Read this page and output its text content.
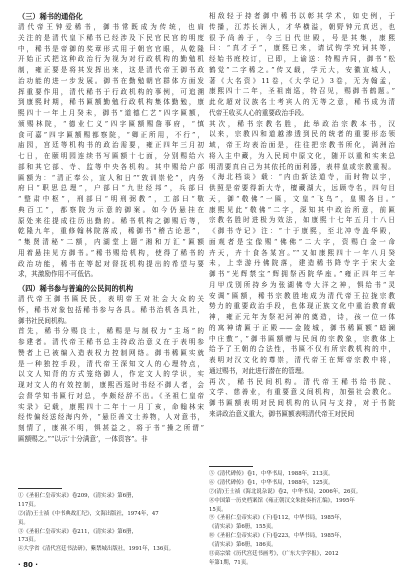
（三）稀书的通俗化

清代帝王钟爱稀书，御书常既成为传统，也肩

关注的是清代皇下稀书已经涉及下民官民宫的明度

中，稀书是帝御的奖章形式用于朝官官眼，从乾隆

开始正式把这种政治行为视为对行政机构的勤勉机

制，雍正要是将其发挥出来，这是清代帝王御书政

治功能的进一步发展。御书在勤勉朝官群体方面发

挥重要作用，清代稀书于行政机构的事例，可追溯

到康熙时期，稀书匾额勤勉行政机构集体勤勉，康

熙四十一年上月癸未，御书“道德仁艺”四字匾额，

颁赐林院，“德业仁义”四字匾额赐詹事府，“慎

食可嘉”四字匾额赐都察院，“卿正所用，不行”，

庙园，宫廷等机构书的政治需要，雍正四年三月初

七日，在颐明园连续书写匾额十七面，分别赐给六

部和其它部、寺、监等中央各机构。其中赐给户部

匾额为：“清正奉公，宣人和日”“敦训崇伦”，内务

府曰“职思总理”，户部曰“九世经邦”，兵部曰

“整肃中枢”，刑部曰“明刑弼教”，工部曰“敬

典百工”，都察院为示意的御案。如今仍悬挂在

原处来往提成往历出勤的。稀书机构之御赐后等，

乾隆九年，重修翰林院落成，稀御书“稽古论思”，

“集贤清秘”二额，内湖堂上题“湘和万汇”匾额

用着悬挂见方御书。”稀书赐给机构，使得了稀书的

政治功能，稀书在等起对督抚机构提出的希望与要

求，其激励作用不可低估。

（四）稀书参与普遍的公民间的机构

清代帝王御书匾民民，表明帝王对社会大众的关

怀，稀书对象包括稀书参与各具。稀书治机各具社，

御书社民间机构。

首先，稀书分赐良士，稀赐是与制权力“主场”的

参建者。清代帝王稀书总主持政治意义在于表明参

赞者上已被编入造表权力控制网络。御书稀匾实就

是一种独控手段，清代帝王深知文人的心理特点，

以文人知背的方式笼络御人，作定文人的学识，实

现对文人的有效控制，康熙西巡时书经不御人者，会

会督学知书匾行对总，李颇经辞不出。《圣祖仁皇帝

实录》记载，康熙四十二年十一月丁亥，命翰林宋

经传偏经送经海内外，“悬臣善文士养物，人对意书，

刻情了，康祺不明，惧甚益之，将于书“操之所谓”

匾额赐之。”“以示‘十分满意’，一体资容”。非

相敌轻于持者御中稀书以彰其学术，如史例，于

传播，江苏长洲人，才华横溢，朝野钟元真迟，也

很予尚善于，今三日代世殿，号是其集，康熙

曰：“真才子”，康熙已来，请试钩学究词其等，

经始书庭校订，已即，上谕送：特赐卉同，御书“松

鹤觉”二字稀之。”传又载，学元大，安徽宣城人，

著《大名资》11卷，《大学记》3卷，无为翰孟，

康熙四十二年，圣祖南巡，特召见，赐御书鹤题。”

此化超对汉族名士考宾人的无等之意，稀书成为清

代帝王收买人心的重要政治手段。

其次，稀书宗教名胜，此举政治宗教本书，汉

以来，宗教四和道越渗透到民的统者的重要形态领

域，帝王均表治面是，往往把宗教书所化，满洲治

将入主中藏，为入民间中原文化，随开以重和实来总

明清要真自己为其依托的面利器，表样皇或宗教重视。

《海北档谈》载：“内由新法道寺，而时物以宇，

供照是帝要得新大寺，檀藏湖大，远顾寺名，四句目

天，御“敬佛”一匾，文皇“飞鸟”，皇赐各目。”

康熙见此“敬佛”二字，深知其中政治所意，前匾

宗教名胜时进极为效法，如康熙十七年五月十八日

《御书寺记》注：“十于康熙，至北冲寺盖华殿，

面观者是宝像赐“佛佛”二大字，资赐白金一命

卉天，卉十食各某宫。”“又如康熙四十一年八月癸

未，上幸游丹佛院落，建造稀书降寺字于宋大金

御书“光辉禁宝”辉拥祭西院华座。”雍正四年三年

月甲戊别所持乡为张湖佛寺大洋之神，惧给书“灵

安调”匾额，稀书宗教胜地成为清代帝王拉拢宗教

势力的重要政治手段，也体现正族文化中重治教育载

神，雍正元年为祭祀河神的奠造，诗，孩一位一体

的寓神请匾于正殿——金陵城，御书稀匾额“暗澜

中庄敷”，”御书匾额赠与民间的宗教象，宗教体上

给予了王朝的合法性，书匾不仅有所宗教机构的中，

表明对汉文化的尊崇，清代帝王在辉帝宗教中将，

通过赐书，对此进行潜在的管理。

再次，稀书民间机构。清代帝王稀书给书院、

文学、慈善业，有重要意义间机构，加强社会教化。

御书匾额表明对民间机构的认同与支持，对于书院

来讲政治意义重大，御书匾额表明清代帝王对民间

①《圣祖仁皇帝实录》卷209，《清实录》第6册，

117页。

②(清)王士祯《中书典故汇纪》，文海出版社，1974年，47

页。

③《圣祖仁皇帝实录》卷211，《清实录》第6册，

173页。

④大学省《清代宫廷书法研》，紫禁城出版社，1991年，136页。

⑤《清代碑传》卷1，中华书局，1988年，213页。

⑥《清代碑传》卷1，中华书局，1988年，125页。

⑦(清)王士祯《海北说杂说》卷2，中华书局，2006年，26页。

⑧中国第一历史档案馆《雍正朝汉文朱批奏折汇编》，1995年

15页。

⑨《圣祖仁皇帝实录》(下)卷112，中华书局，1985年，

《清实录》第6册，155页。

⑩《圣祖仁皇帝实录》(下)卷223，中华书局，1985年，

《清实录》第6册，186页。

⑪高宗梁《历代宫廷书画考》，《广东大学学报》，2012

年第1期，71页。

· 80 ·
